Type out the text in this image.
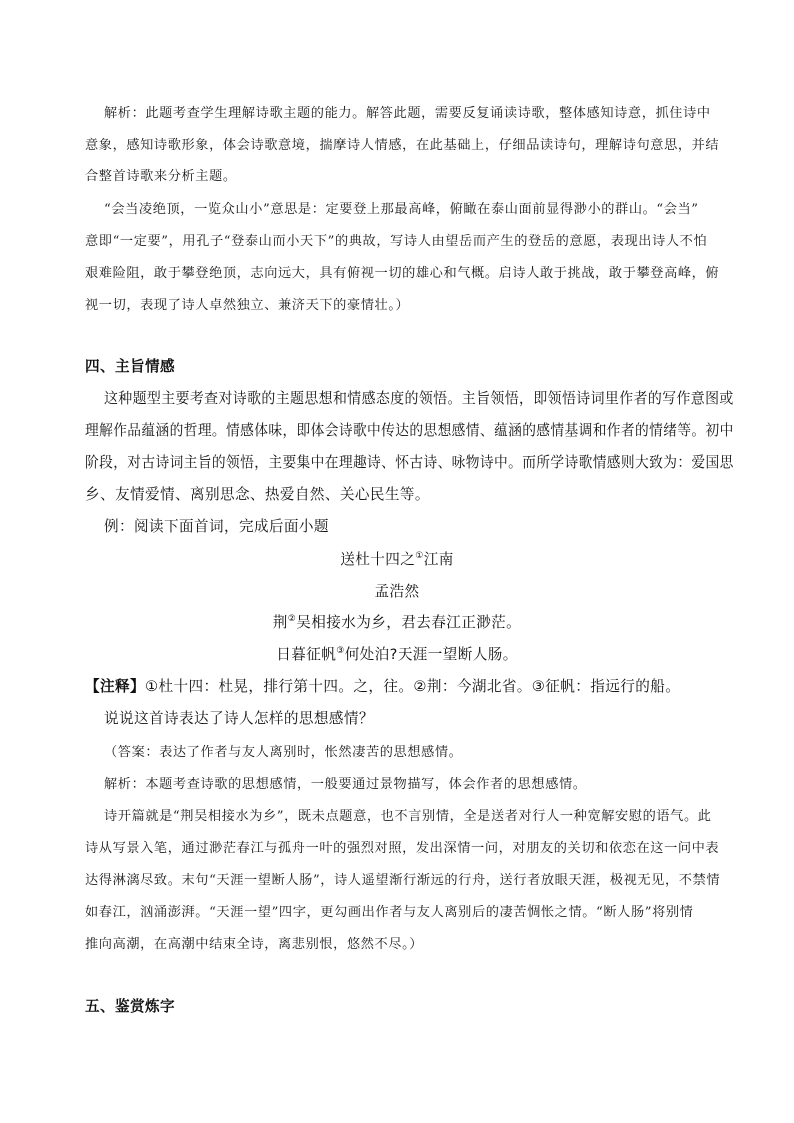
解析：此题考查学生理解诗歌主题的能力。解答此题，需要反复诵读诗歌，整体感知诗意，抓住诗中
意象，感知诗歌形象，体会诗歌意境，揣摩诗人情感，在此基础上，仔细品读诗句，理解诗句意思，并结
合整首诗歌来分析主题。
“会当凌绝顶，一览众山小”意思是：定要登上那最高峰，俯瞰在泰山面前显得渺小的群山。“会当”
意即“一定要”，用孔子“登泰山而小天下”的典故，写诗人由望岳而产生的登岳的意愿，表现出诗人不怕
艰难险阻，敢于攀登绝顶，志向远大，具有俯视一切的雄心和气概。启诗人敢于挑战，敢于攀登高峰，俯
视一切，表现了诗人卓然独立、兼济天下的豪情壮。）
四、主旨情感
这种题型主要考查对诗歌的主题思想和情感态度的领悟。主旨领悟，即领悟诗词里作者的写作意图或
理解作品蕴涵的哲理。情感体味，即体会诗歌中传达的思想感情、蕴涵的感情基调和作者的情绪等。初中
阶段，对古诗词主旨的领悟，主要集中在理趣诗、怀古诗、咏物诗中。而所学诗歌情感则大致为：爱国思
乡、友情爱情、离别思念、热爱自然、关心民生等。
例：阅读下面首词，完成后面小题
送杜十四之①江南
孟浩然
荆②吴相接水为乡，君去春江正渺茫。
日暮征帆③何处泊?天涯一望断人肠。
【注释】①杜十四：杜晃，排行第十四。之，往。②荆：今湖北省。③征帆：指远行的船。
说说这首诗表达了诗人怎样的思想感情？
（答案：表达了作者与友人离别时，怅然凄苦的思想感情。
解析：本题考查诗歌的思想感情，一般要通过景物描写，体会作者的思想感情。
诗开篇就是“荆吴相接水为乡”，既未点题意，也不言别情，全是送者对行人一种宽解安慰的语气。此
诗从写景入笔，通过渺茫春江与孤舟一叶的强烈对照，发出深情一问，对朋友的关切和依恋在这一问中表
达得淋漓尽致。末句“天涯一望断人肠”，诗人遥望渐行渐远的行舟，送行者放眼天涯，极视无见，不禁情
如春江，汹涌澎湃。“天涯一望”四字，更勾画出作者与友人离别后的凄苦惆怅之情。“断人肠”将别情
推向高潮，在高潮中结束全诗，离悲别恨，悠然不尽。）
五、鉴赏炼字
